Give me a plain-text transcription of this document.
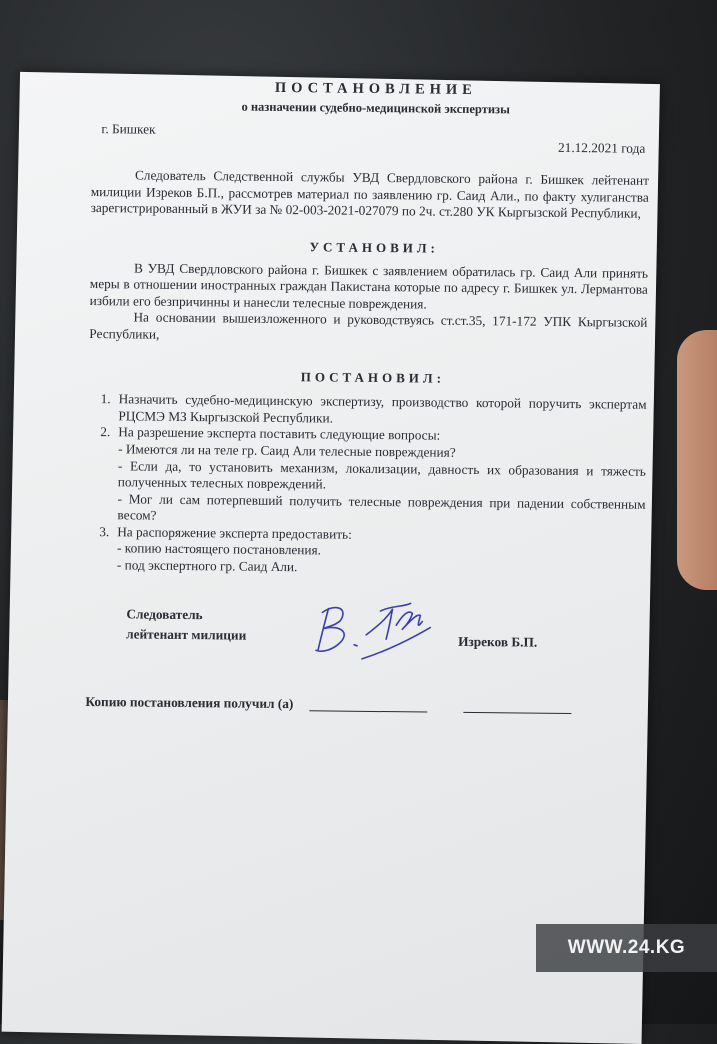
ПОСТАНОВЛЕНИЕ

о назначении судебно-медицинской экспертизы

г. Бишкек
21.12.2021 года

Следователь Следственной службы УВД Свердловского района г. Бишкек лейтенант милиции Изреков Б.П., рассмотрев материал по заявлению гр. Саид Али., по факту хулиганства зарегистрированный в ЖУИ за № 02-003-2021-027079 по 2ч. ст.280 УК Кыргызской Республики,

УСТАНОВИЛ:

В УВД Свердловского района г. Бишкек с заявлением обратилась гр. Саид Али принять меры в отношении иностранных граждан Пакистана которые по адресу г. Бишкек ул. Лермантова избили его безпричинны и нанесли телесные повреждения.

На основании вышеизложенного и руководствуясь ст.ст.35, 171-172 УПК Кыргызской Республики,

ПОСТАНОВИЛ:

1. Назначить судебно-медицинскую экспертизу, производство которой поручить экспертам РЦСМЭ МЗ Кыргызской Республики.

2. На разрешение эксперта поставить следующие вопросы:

- Имеются ли на теле гр. Саид Али телесные повреждения?

- Если да, то установить механизм, локализации, давность их образования и тяжесть полученных телесных повреждений.

- Мог ли сам потерпевший получить телесные повреждения при падении собственным весом?

3. На распоряжение эксперта предоставить:

- копию настоящего постановления.

- под экспертного гр. Саид Али.

Следователь
лейтенант милиции	Изреков Б.П.
Копию постановления получил (а)
WWW.24.KG
